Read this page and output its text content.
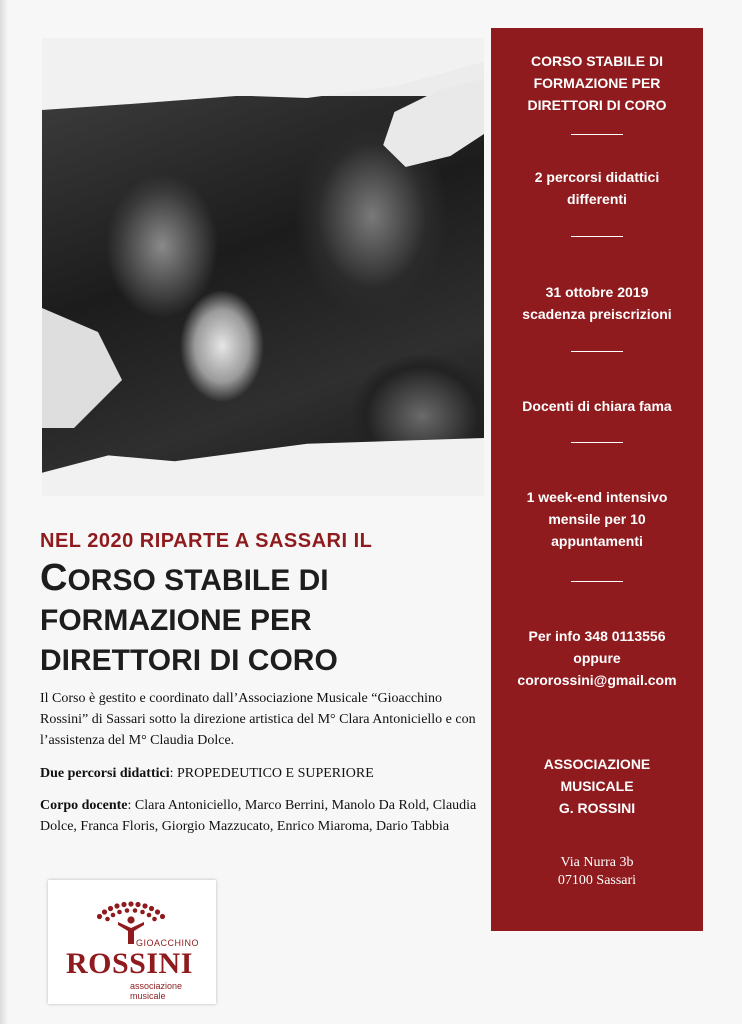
CORSO STABILE DI
FORMAZIONE PER
DIRETTORI DI CORO
2 percorsi didattici
differenti
31 ottobre 2019
scadenza preiscrizioni
Docenti di chiara fama
1 week-end intensivo
mensile per 10
appuntamenti
Per info 348 0113556
oppure
cororossini@gmail.com
ASSOCIAZIONE
MUSICALE
G. ROSSINI
Via Nurra 3b
07100 Sassari
NEL 2020 RIPARTE A SASSARI IL
CORSO STABILE DI
FORMAZIONE PER
DIRETTORI DI CORO
Il Corso è gestito e coordinato dall’Associazione Musicale “Gioacchino Rossini” di Sassari sotto la direzione artistica del M° Clara Antoniciello e con l’assistenza del M° Claudia Dolce.
Due percorsi didattici: PROPEDEUTICO E SUPERIORE
Corpo docente: Clara Antoniciello, Marco Berrini, Manolo Da Rold, Claudia Dolce, Franca Floris, Giorgio Mazzucato, Enrico Miaroma, Dario Tabbia
GIOACCHINO
ROSSINI
associazione musicale
